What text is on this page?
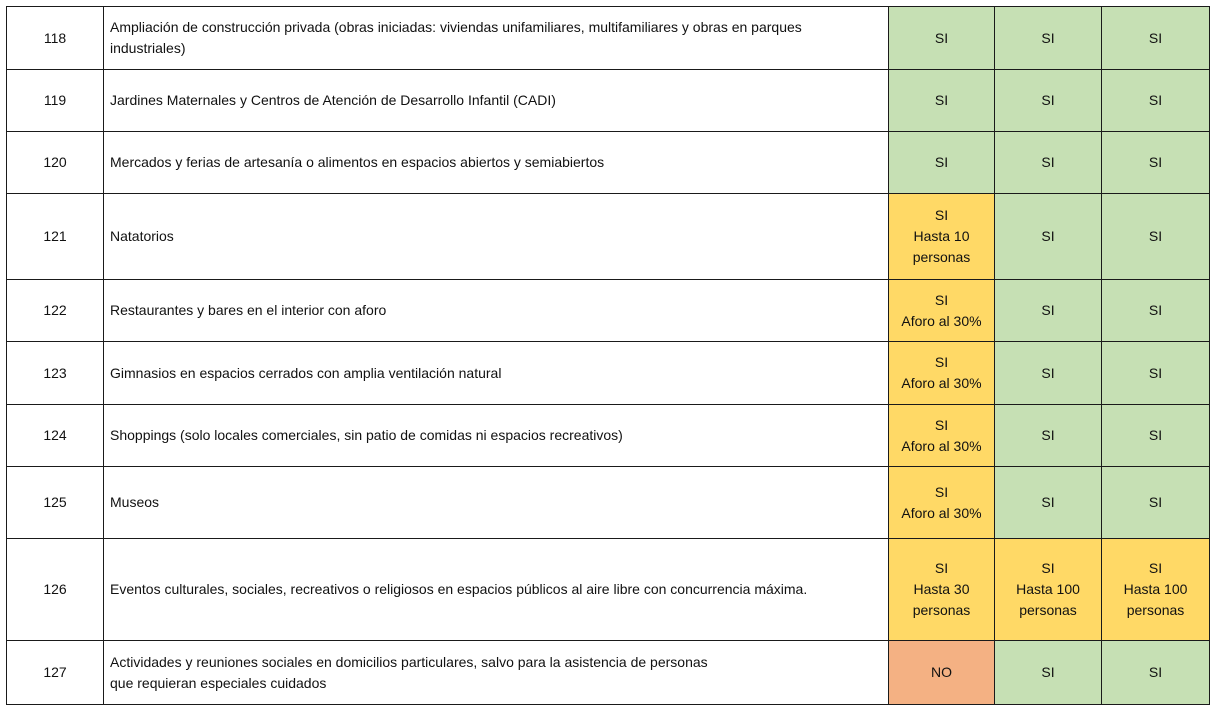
118	Ampliación de construcción privada (obras iniciadas: viviendas unifamiliares, multifamiliares y obras en parques
industriales)	SI	SI	SI

119	Jardines Maternales y Centros de Atención de Desarrollo Infantil (CADI)	SI	SI	SI

120	Mercados y ferias de artesanía o alimentos en espacios abiertos y semiabiertos	SI	SI	SI

121	Natatorios	SI
Hasta 10
personas	SI	SI

122	Restaurantes y bares en el interior con aforo	SI
Aforo al 30%	SI	SI

123	Gimnasios en espacios cerrados con amplia ventilación natural	SI
Aforo al 30%	SI	SI

124	Shoppings (solo locales comerciales, sin patio de comidas ni espacios recreativos)	SI
Aforo al 30%	SI	SI

125	Museos	SI
Aforo al 30%	SI	SI

126	Eventos culturales, sociales, recreativos o religiosos en espacios públicos al aire libre con concurrencia máxima.	SI
Hasta 30
personas	SI
Hasta 100
personas	SI
Hasta 100
personas

127	Actividades y reuniones sociales en domicilios particulares, salvo para la asistencia de personas
que requieran especiales cuidados	NO	SI	SI
